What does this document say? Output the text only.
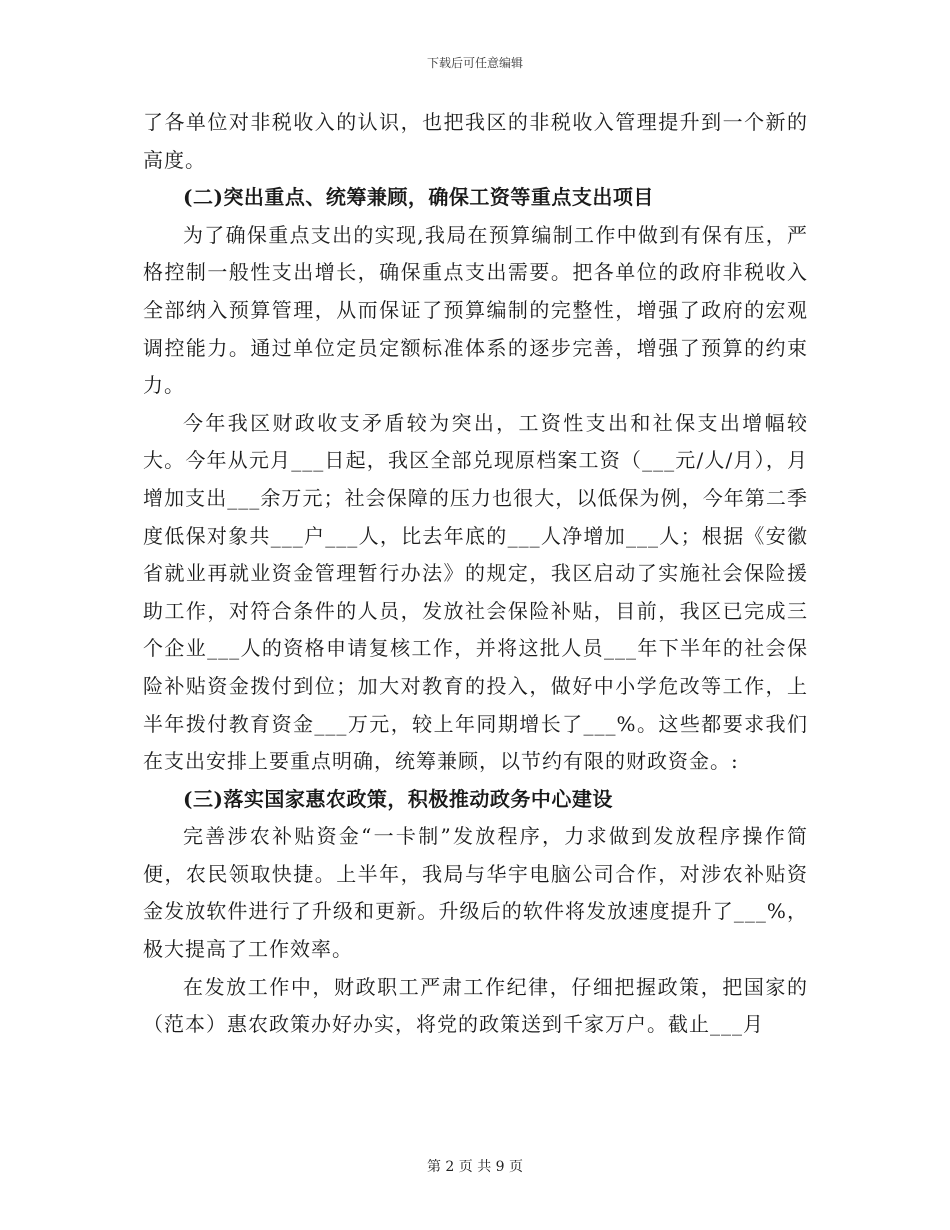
下载后可任意编辑

了各单位对非税收入的认识，也把我区的非税收入管理提升到一个新的高度。

(二)突出重点、统筹兼顾，确保工资等重点支出项目

为了确保重点支出的实现,我局在预算编制工作中做到有保有压，严格控制一般性支出增长，确保重点支出需要。把各单位的政府非税收入全部纳入预算管理，从而保证了预算编制的完整性，增强了政府的宏观调控能力。通过单位定员定额标准体系的逐步完善，增强了预算的约束力。

今年我区财政收支矛盾较为突出，工资性支出和社保支出增幅较大。今年从元月___日起，我区全部兑现原档案工资（___元/人/月），月增加支出___余万元；社会保障的压力也很大，以低保为例，今年第二季度低保对象共___户___人，比去年底的___人净增加___人；根据《安徽省就业再就业资金管理暂行办法》的规定，我区启动了实施社会保险援助工作，对符合条件的人员，发放社会保险补贴，目前，我区已完成三个企业___人的资格申请复核工作，并将这批人员___年下半年的社会保险补贴资金拨付到位；加大对教育的投入，做好中小学危改等工作，上半年拨付教育资金___万元，较上年同期增长了___%。这些都要求我们在支出安排上要重点明确，统筹兼顾，以节约有限的财政资金。:

(三)落实国家惠农政策，积极推动政务中心建设

完善涉农补贴资金“一卡制”发放程序，力求做到发放程序操作简便，农民领取快捷。上半年，我局与华宇电脑公司合作，对涉农补贴资金发放软件进行了升级和更新。升级后的软件将发放速度提升了___%，极大提高了工作效率。

在发放工作中，财政职工严肃工作纪律，仔细把握政策，把国家的（范本）惠农政策办好办实，将党的政策送到千家万户。截止___月

第 2 页 共 9 页
